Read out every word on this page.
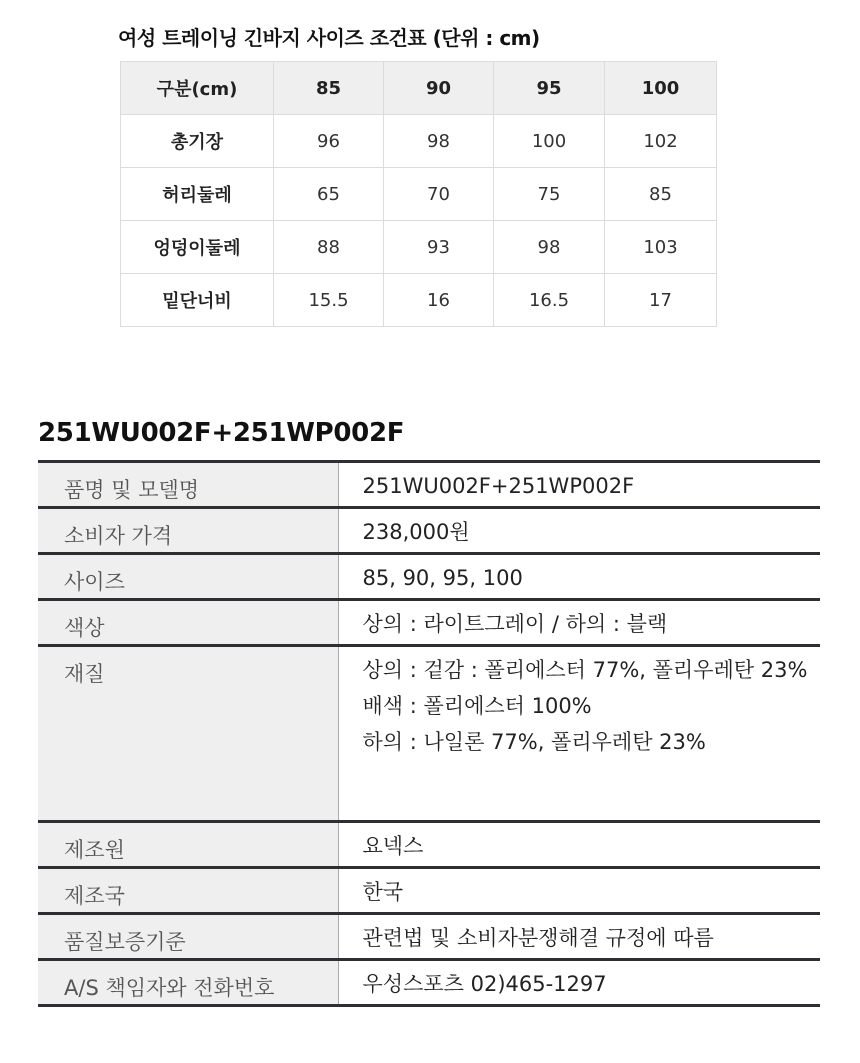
여성 트레이닝 긴바지 사이즈 조건표 (단위 : cm)
구분(cm)	85	90	95	100
총기장	96	98	100	102
허리둘레	65	70	75	85
엉덩이둘레	88	93	98	103
밑단너비	15.5	16	16.5	17
251WU002F+251WP002F
품명 및 모델명	251WU002F+251WP002F

소비자 가격	238,000원

사이즈	85, 90, 95, 100

색상	상의 : 라이트그레이 / 하의 : 블랙

재질	상의 : 겉감 : 폴리에스터 77%, 폴리우레탄 23%
배색 : 폴리에스터 100%
하의 : 나일론 77%, 폴리우레탄 23%

제조원	요넥스

제조국	한국

품질보증기준	관련법 및 소비자분쟁해결 규정에 따름

A/S 책임자와 전화번호	우성스포츠 02)465-1297
